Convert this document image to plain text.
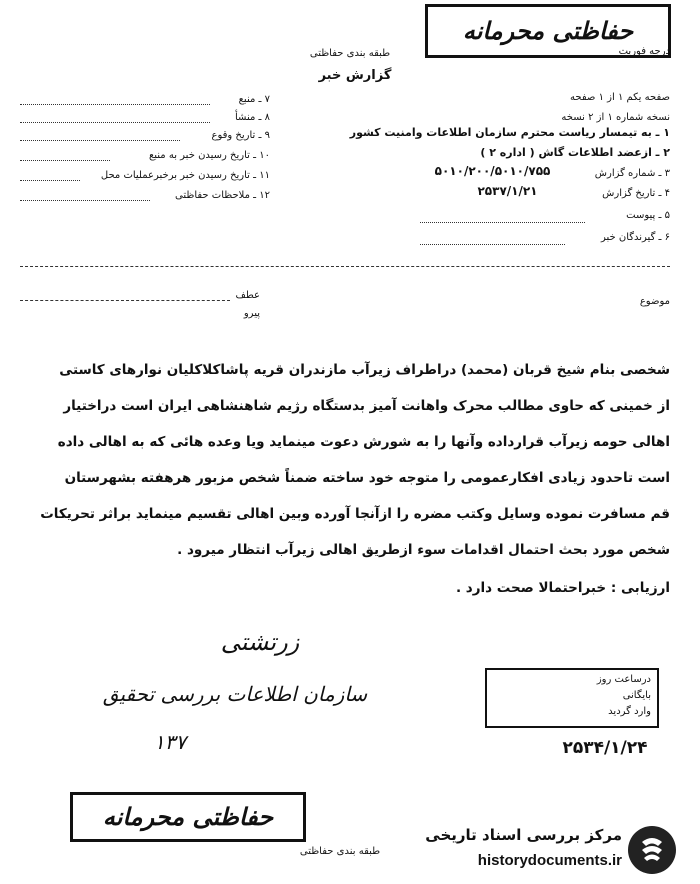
حفاظتی محرمانه
طبقه بندی حفاظتی
گزارش خبر
درجه فوریت
صفحه یکم ۱ از ۱ صفحه
نسخه شماره ۱ از ۲ نسخه
۱ ـ به تیمسار ریاست محترم سازمان اطلاعات وامنیت کشور
۲ ـ ازعضد اطلاعات گاش ( اداره ۲ )
۳ ـ شماره گزارش
۵۰۱۰/۲۰۰/۵۰۱۰/۷۵۵
۴ ـ تاریخ گزارش
۲۵۳۷/۱/۲۱
۵ ـ پیوست
۶ ـ گیرندگان خبر
۷ ـ منبع
۸ ـ منشأ
۹ ـ تاریخ وقوع
۱۰ ـ تاریخ رسیدن خبر به منبع
۱۱ ـ تاریخ رسیدن خبر برخبرعملیات محل
۱۲ ـ ملاحظات حفاظتی
موضوع
عطف
پیرو
شخصی بنام شیخ قربان (محمد) دراطراف زیرآب مازندران قریه پاشاکلاکلیان نوارهای کاستی
از خمینی که حاوی مطالب محرک واهانت آمیز بدستگاه رژیم شاهنشاهی ایران است دراختیار
اهالی حومه زیرآب قرارداده وآنها را به شورش دعوت مینماید ویا وعده هائی که به اهالی داده
است تاحدود زیادی افکارعمومی را متوجه خود ساخته ضمناً شخص مزبور هرهفته بشهرستان
قم مسافرت نموده وسایل وکتب مضره را ازآنجا آورده وبین اهالی تقسیم مینماید براثر تحریکات
شخص مورد بحث احتمال اقدامات سوء ازطریق اهالی زیرآب انتظار میرود .
ارزیابی : خبراحتمالا صحت دارد .
زرتشتی
سازمان اطلاعات بررسی تحقیق
۱۳۷
درساعت روز
بایگانی
وارد گردید
۲۵۳۴/۱/۲۴
حفاظتی محرمانه
طبقه بندی حفاظتی
مرکز بررسی اسناد تاریخی
historydocuments.ir
